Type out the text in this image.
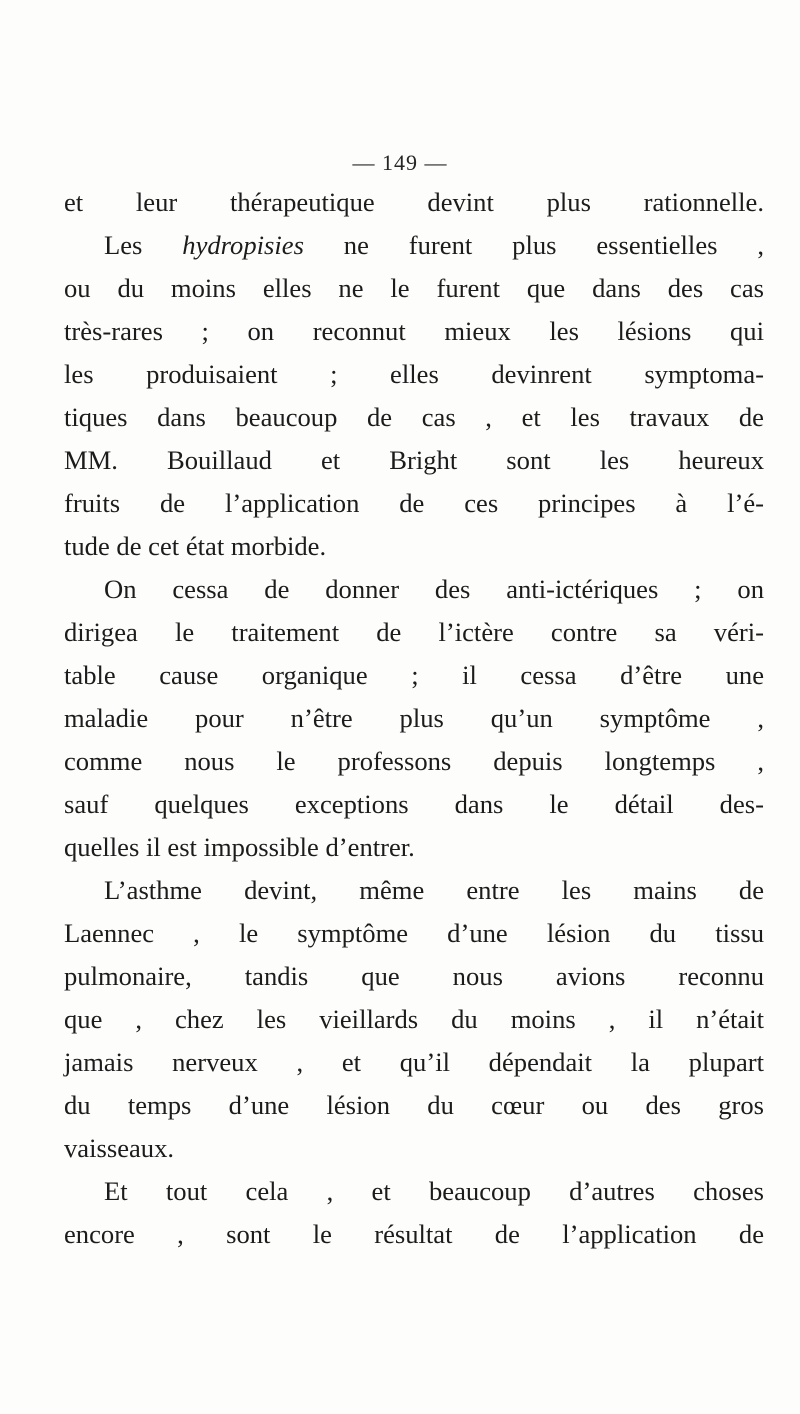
— 149 —
et leur thérapeutique devint plus rationnelle.
Les hydropisies ne furent plus essentielles ,
ou du moins elles ne le furent que dans des cas
très-rares ; on reconnut mieux les lésions qui
les produisaient ; elles devinrent symptoma-
tiques dans beaucoup de cas , et les travaux de
MM. Bouillaud et Bright sont les heureux
fruits de l’application de ces principes à l’é-
tude de cet état morbide.
On cessa de donner des anti-ictériques ; on
dirigea le traitement de l’ictère contre sa véri-
table cause organique ; il cessa d’être une
maladie pour n’être plus qu’un symptôme ,
comme nous le professons depuis longtemps ,
sauf quelques exceptions dans le détail des-
quelles il est impossible d’entrer.
L’asthme devint, même entre les mains de
Laennec , le symptôme d’une lésion du tissu
pulmonaire, tandis que nous avions reconnu
que , chez les vieillards du moins , il n’était
jamais nerveux , et qu’il dépendait la plupart
du temps d’une lésion du cœur ou des gros
vaisseaux.
Et tout cela , et beaucoup d’autres choses
encore , sont le résultat de l’application de
